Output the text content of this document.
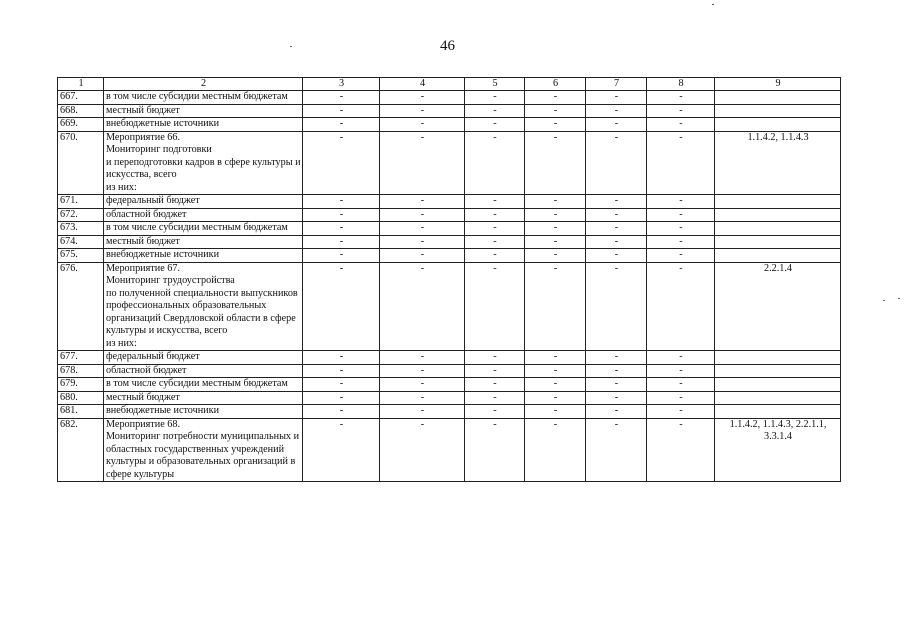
46
1	2	3	4	5	6	7	8	9
667.	в том числе субсидии местным бюджетам	-	-	-	-	-	-	
668.	местный бюджет	-	-	-	-	-	-	
669.	внебюджетные источники	-	-	-	-	-	-	
670.	Мероприятие 66.
Мониторинг подготовки
и переподготовки кадров в сфере культуры и искусства, всего
из них:	-	-	-	-	-	-	1.1.4.2, 1.1.4.3
671.	федеральный бюджет	-	-	-	-	-	-	
672.	областной бюджет	-	-	-	-	-	-	
673.	в том числе субсидии местным бюджетам	-	-	-	-	-	-	
674.	местный бюджет	-	-	-	-	-	-	
675.	внебюджетные источники	-	-	-	-	-	-	
676.	Мероприятие 67.
Мониторинг трудоустройства
по полученной специальности выпускников профессиональных образовательных организаций Свердловской области в сфере культуры и искусства, всего
из них:	-	-	-	-	-	-	2.2.1.4
677.	федеральный бюджет	-	-	-	-	-	-	
678.	областной бюджет	-	-	-	-	-	-	
679.	в том числе субсидии местным бюджетам	-	-	-	-	-	-	
680.	местный бюджет	-	-	-	-	-	-	
681.	внебюджетные источники	-	-	-	-	-	-	
682.	Мероприятие 68.
Мониторинг потребности муниципальных и областных государственных учреждений культуры и образовательных организаций в сфере культуры	-	-	-	-	-	-	1.1.4.2, 1.1.4.3, 2.2.1.1, 3.3.1.4
